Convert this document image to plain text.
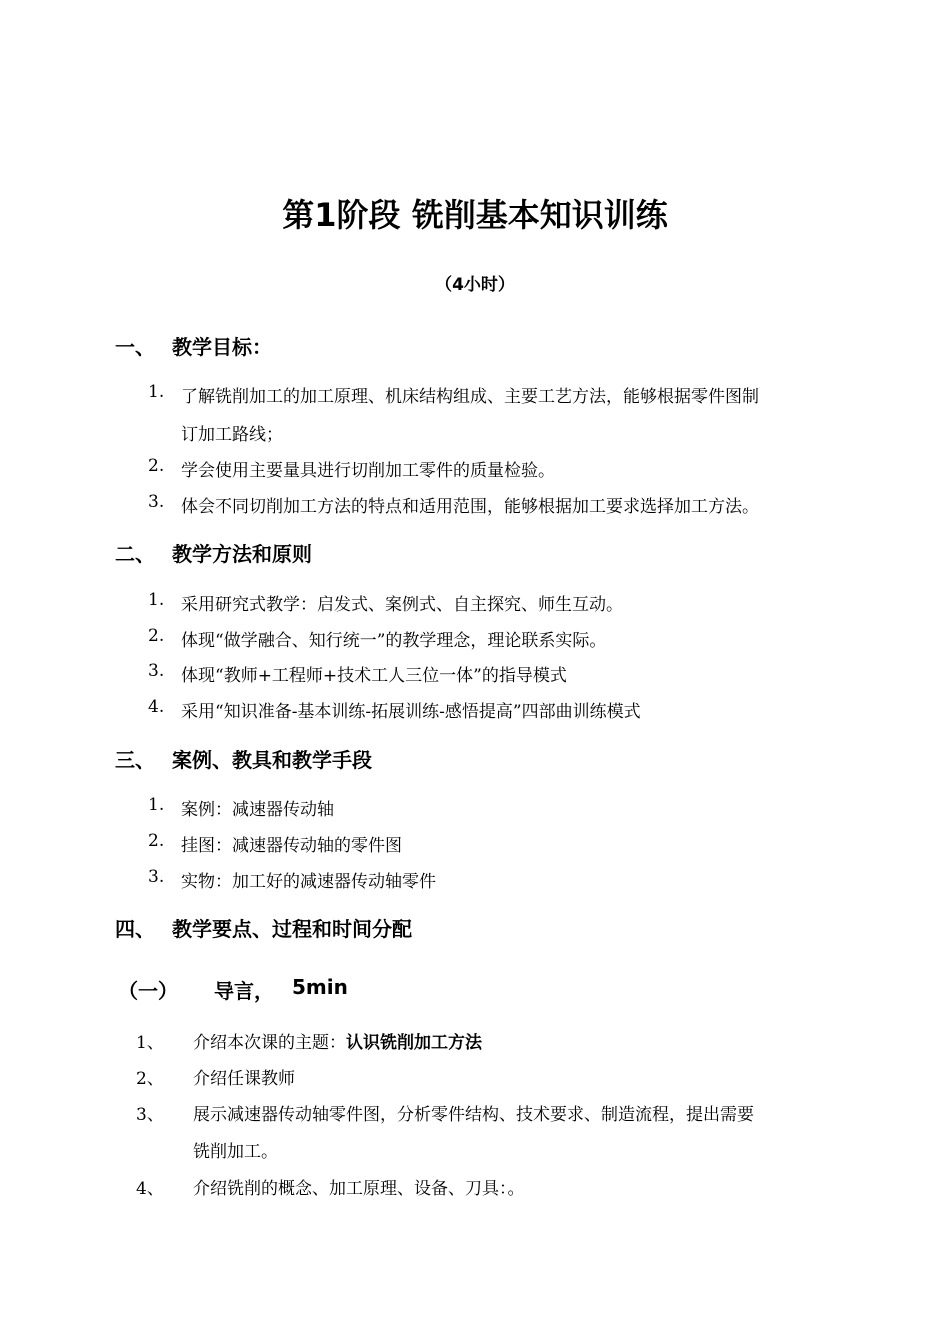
第1阶段 铣削基本知识训练
（4小时）
一、 教学目标：
1. 了解铣削加工的加工原理、机床结构组成、主要工艺方法，能够根据零件图制
订加工路线；
2. 学会使用主要量具进行切削加工零件的质量检验。
3. 体会不同切削加工方法的特点和适用范围，能够根据加工要求选择加工方法。
二、 教学方法和原则
1. 采用研究式教学：启发式、案例式、自主探究、师生互动。
2. 体现“做学融合、知行统一”的教学理念，理论联系实际。
3. 体现“教师+工程师+技术工人三位一体”的指导模式
4. 采用“知识准备-基本训练-拓展训练-感悟提高”四部曲训练模式
三、 案例、教具和教学手段
1. 案例：减速器传动轴
2. 挂图：减速器传动轴的零件图
3. 实物：加工好的减速器传动轴零件
四、 教学要点、过程和时间分配
（一） 导言， 5min
1、 介绍本次课的主题：认识铣削加工方法
2、 介绍任课教师
3、 展示减速器传动轴零件图，分析零件结构、技术要求、制造流程，提出需要
铣削加工。
4、 介绍铣削的概念、加工原理、设备、刀具：。
